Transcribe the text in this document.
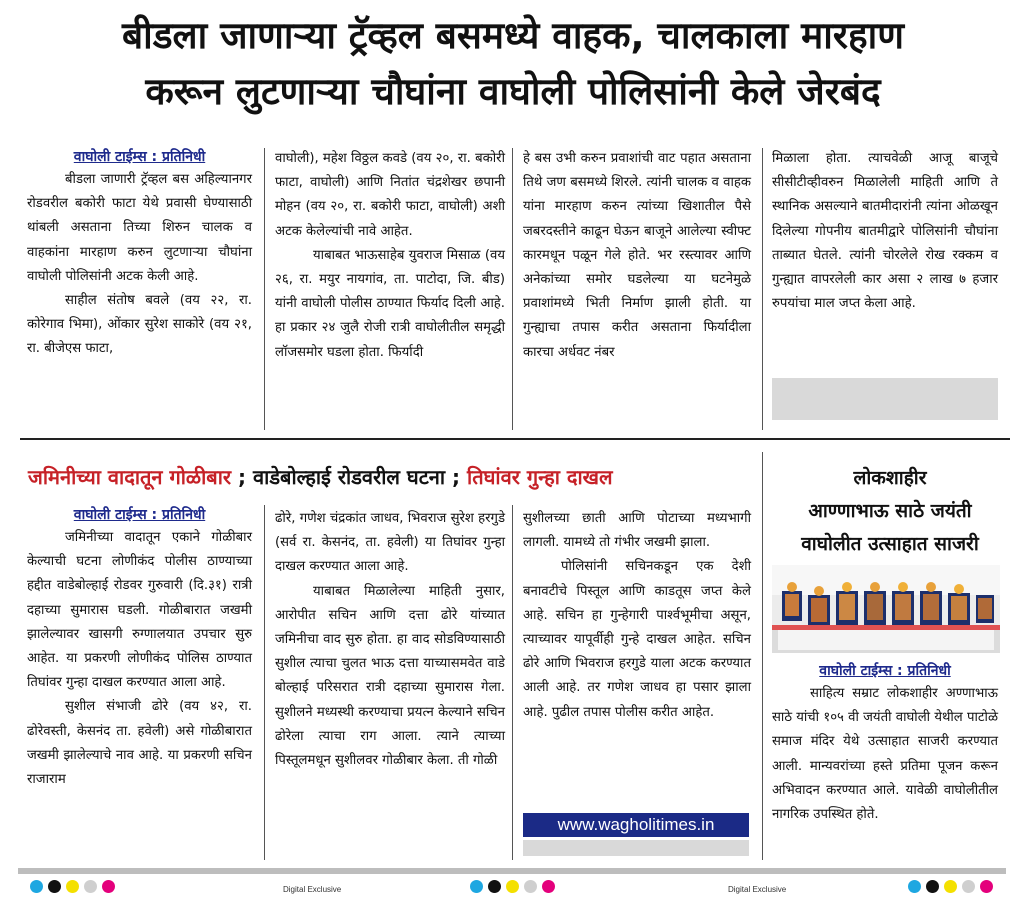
बीडला जाणाऱ्या ट्रॅव्हल बसमध्ये वाहक, चालकाला मारहाण
करून लुटणाऱ्या चौघांना वाघोली पोलिसांनी केले जेरबंद
वाघोली टाईम्स : प्रतिनिधी

बीडला जाणारी ट्रॅव्हल बस अहिल्यानगर रोडवरील बकोरी फाटा येथे प्रवासी घेण्यासाठी थांबली असताना तिच्या शिरुन चालक व वाहकांना मारहाण करुन लुटणाऱ्या चौघांना वाघोली पोलिसांनी अटक केली आहे.

साहील संतोष बवले (वय २२, रा. कोरेगाव भिमा), ओंकार सुरेश साकोरे (वय २१, रा. बीजेएस फाटा,

वाघोली), महेश विठ्ठल कवडे (वय २०, रा. बकोरी फाटा, वाघोली) आणि नितांत चंद्रशेखर छपानी मोहन (वय २०, रा. बकोरी फाटा, वाघोली) अशी अटक केलेल्यांची नावे आहेत.

याबाबत भाऊसाहेब युवराज मिसाळ (वय २६, रा. मयुर नायगांव, ता. पाटोदा, जि. बीड) यांनी वाघोली पोलीस ठाण्यात फिर्याद दिली आहे. हा प्रकार २४ जुलै रोजी रात्री वाघोलीतील समृद्धी लॉजसमोर घडला होता. फिर्यादी

हे बस उभी करुन प्रवाशांची वाट पहात असताना तिथे जण बसमध्ये शिरले. त्यांनी चालक व वाहक यांना मारहाण करुन त्यांच्या खिशातील पैसे जबरदस्तीने काढून घेऊन बाजूने आलेल्या स्वीफ्ट कारमधून पळून गेले होते. भर रस्त्यावर आणि अनेकांच्या समोर घडलेल्या या घटनेमुळे प्रवाशांमध्ये भिती निर्माण झाली होती. या गुन्ह्याचा तपास करीत असताना फिर्यादीला कारचा अर्धवट नंबर

मिळाला होता. त्याचवेळी आजू बाजूचे सीसीटीव्हीवरुन मिळालेली माहिती आणि ते स्थानिक असल्याने बातमीदारांनी त्यांना ओळखून दिलेल्या गोपनीय बातमीद्वारे पोलिसांनी चौघांना ताब्यात घेतले. त्यांनी चोरलेले रोख रक्कम व गुन्ह्यात वापरलेली कार असा २ लाख ७ हजार रुपयांचा माल जप्त केला आहे.

जमिनीच्या वादातून गोळीबार ; वाडेबोल्हाई रोडवरील घटना ; तिघांवर गुन्हा दाखल
वाघोली टाईम्स : प्रतिनिधी

जमिनीच्या वादातून एकाने गोळीबार केल्याची घटना लोणीकंद पोलीस ठाण्याच्या हद्दीत वाडेबोल्हाई रोडवर गुरुवारी (दि.३१) रात्री दहाच्या सुमारास घडली. गोळीबारात जखमी झालेल्यावर खासगी रुग्णालयात उपचार सुरु आहेत. या प्रकरणी लोणीकंद पोलिस ठाण्यात तिघांवर गुन्हा दाखल करण्यात आला आहे.

सुशील संभाजी ढोरे (वय ४२, रा. ढोरेवस्ती, केसनंद ता. हवेली) असे गोळीबारात जखमी झालेल्याचे नाव आहे. या प्रकरणी सचिन राजाराम

ढोरे, गणेश चंद्रकांत जाधव, भिवराज सुरेश हरगुडे (सर्व रा. केसनंद, ता. हवेली) या तिघांवर गुन्हा दाखल करण्यात आला आहे.

याबाबत मिळालेल्या माहिती नुसार, आरोपीत सचिन आणि दत्ता ढोरे यांच्यात जमिनीचा वाद सुरु होता. हा वाद सोडविण्यासाठी सुशील त्याचा चुलत भाऊ दत्ता याच्यासमवेत वाडे बोल्हाई परिसरात रात्री दहाच्या सुमारास गेला. सुशीलने मध्यस्थी करण्याचा प्रयत्न केल्याने सचिन ढोरेला त्याचा राग आला. त्याने त्याच्या पिस्तूलमधून सुशीलवर गोळीबार केला. ती गोळी

सुशीलच्या छाती आणि पोटाच्या मध्यभागी लागली. यामध्ये तो गंभीर जखमी झाला.

पोलिसांनी सचिनकडून एक देशी बनावटीचे पिस्तूल आणि काडतूस जप्त केले आहे. सचिन हा गुन्हेगारी पार्श्वभूमीचा असून, त्याच्यावर यापूर्वीही गुन्हे दाखल आहेत. सचिन ढोरे आणि भिवराज हरगुडे याला अटक करण्यात आली आहे. तर गणेश जाधव हा पसार झाला आहे. पुढील तपास पोलीस करीत आहेत.

www.wagholitimes.in
लोकशाहीर
आण्णाभाऊ साठे जयंती
वाघोलीत उत्साहात साजरी
वाघोली टाईम्स : प्रतिनिधी

साहित्य सम्राट लोकशाहीर अण्णाभाऊ साठे यांची १०५ वी जयंती वाघोली येथील पाटोळे समाज मंदिर येथे उत्साहात साजरी करण्यात आली. मान्यवरांच्या हस्ते प्रतिमा पूजन करून अभिवादन करण्यात आले. यावेळी वाघोलीतील नागरिक उपस्थित होते.

Digital Exclusive	Digital Exclusive
